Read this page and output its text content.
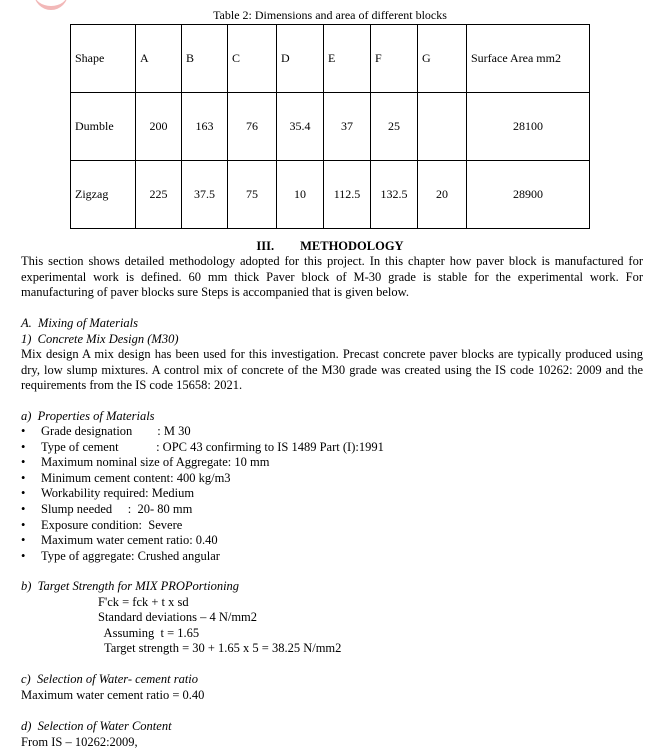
Table 2: Dimensions and area of different blocks
Shape	A	B	C	D	E	F	G	Surface Area mm2
Dumble	200	163	76	35.4	37	25		28100
Zigzag	225	37.5	75	10	112.5	132.5	20	28900
III. METHODOLOGY
This section shows detailed methodology adopted for this project. In this chapter how paver block is manufactured for experimental work is defined. 60 mm thick Paver block of M-30 grade is stable for the experimental work. For manufacturing of paver blocks sure Steps is accompanied that is given below.
A.  Mixing of Materials
1)  Concrete Mix Design (M30)
Mix design A mix design has been used for this investigation. Precast concrete paver blocks are typically produced using dry, low slump mixtures. A control mix of concrete of the M30 grade was created using the IS code 10262: 2009 and the requirements from the IS code 15658: 2021.
a)  Properties of Materials
• Grade designation        : M 30
• Type of cement            : OPC 43 confirming to IS 1489 Part (I):1991
• Maximum nominal size of Aggregate: 10 mm
• Minimum cement content: 400 kg/m3
• Workability required: Medium
• Slump needed     :  20- 80 mm
• Exposure condition:  Severe
• Maximum water cement ratio: 0.40
• Type of aggregate: Crushed angular
b)  Target Strength for MIX PROPortioning
F'ck = fck + t x sd
Standard deviations – 4 N/mm2
Assuming  t = 1.65
Target strength = 30 + 1.65 x 5 = 38.25 N/mm2
c)  Selection of Water- cement ratio
Maximum water cement ratio = 0.40
d)  Selection of Water Content
From IS – 10262:2009,
